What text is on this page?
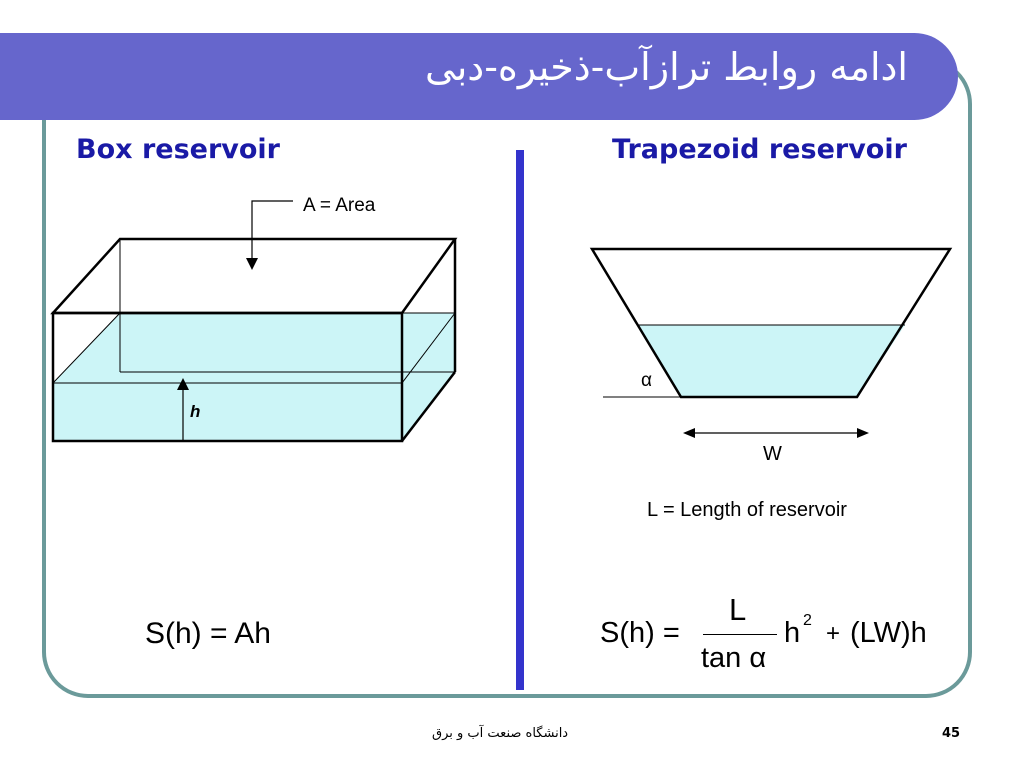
ادامه روابط ترازآب-ذخیره-دبی
Box reservoir	Trapezoid reservoir
A = Area
h
α
W
L = Length of reservoir
S(h) = Ah	S(h) =
L
tan α
h 2 + (LW)h
دانشگاه صنعت آب و برق	45
